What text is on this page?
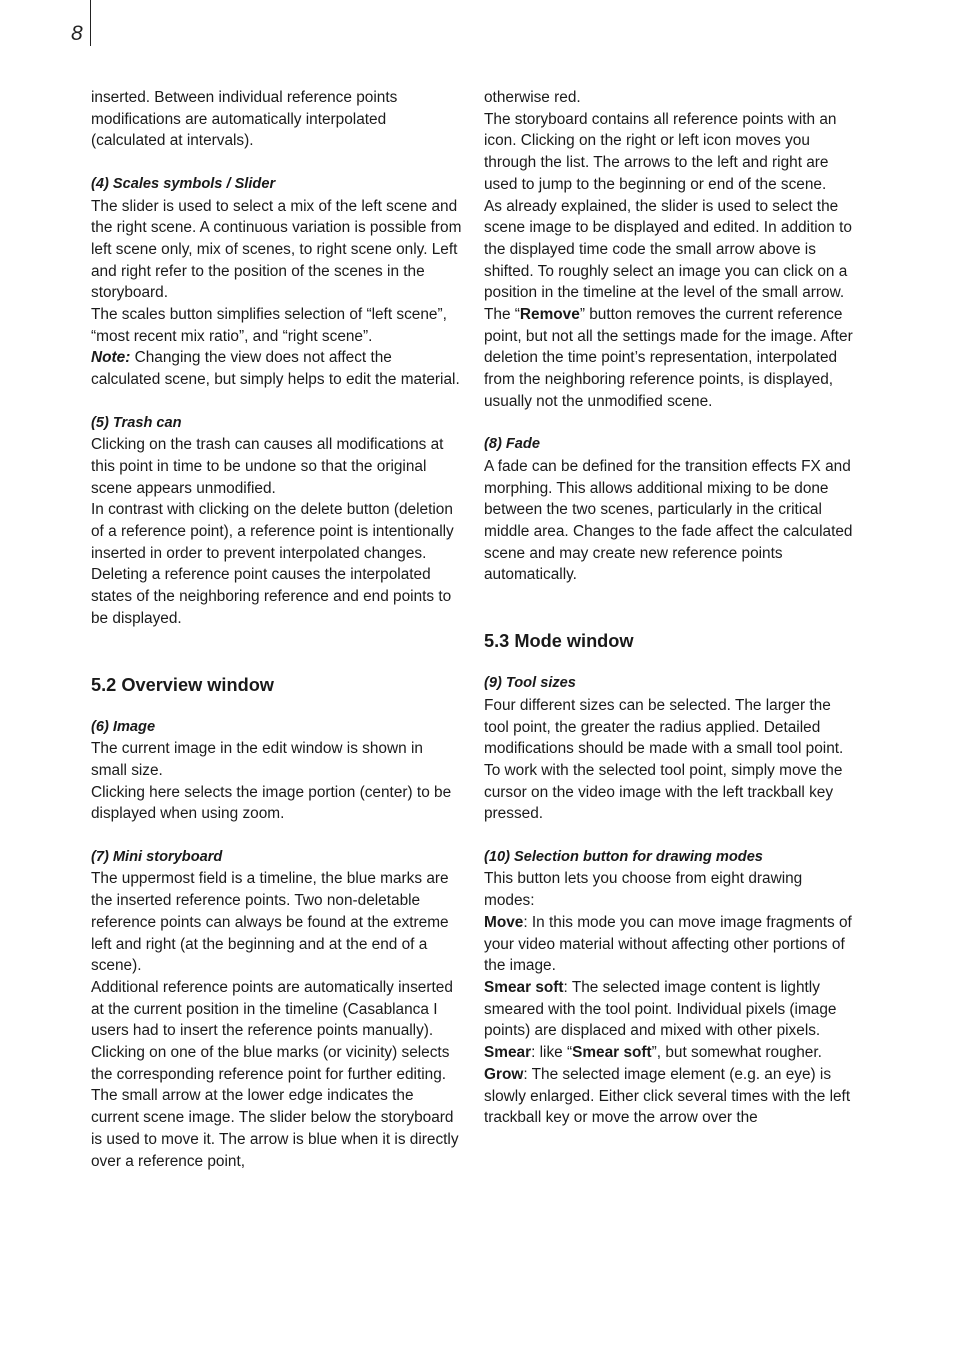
8

inserted. Between individual reference points modifications are automatically interpolated (calculated at intervals).

(4) Scales symbols / Slider

The slider is used to select a mix of the left scene and the right scene. A continuous variation is possible from left scene only, mix of scenes, to right scene only. Left and right refer to the position of the scenes in the storyboard.

The scales button simplifies selection of “left scene”, “most recent mix ratio”, and “right scene”.

Note: Changing the view does not affect the calculated scene, but simply helps to edit the material.

(5) Trash can

Clicking on the trash can causes all modifications at this point in time to be undone so that the original scene appears unmodified.

In contrast with clicking on the delete button (deletion of a reference point), a reference point is intentionally inserted in order to prevent interpolated changes. Deleting a reference point causes the interpolated states of the neighboring reference and end points to be displayed.

5.2 Overview window

(6) Image

The current image in the edit window is shown in small size.

Clicking here selects the image portion (center) to be displayed when using zoom.

(7) Mini storyboard

The uppermost field is a timeline, the blue marks are the inserted reference points. Two non-deletable reference points can always be found at the extreme left and right (at the beginning and at the end of a scene).

Additional reference points are automatically inserted at the current position in the timeline (Casablanca I users had to insert the reference points manually).

Clicking on one of the blue marks (or vicinity) selects the corresponding reference point for further editing.

The small arrow at the lower edge indicates the current scene image. The slider below the storyboard is used to move it. The arrow is blue when it is directly over a reference point,

otherwise red.

The storyboard contains all reference points with an icon. Clicking on the right or left icon moves you through the list. The arrows to the left and right are used to jump to the beginning or end of the scene.

As already explained, the slider is used to select the scene image to be displayed and edited. In addition to the displayed time code the small arrow above is shifted. To roughly select an image you can click on a position in the timeline at the level of the small arrow.

The “Remove” button removes the current reference point, but not all the settings made for the image. After deletion the time point’s representation, interpolated from the neighboring reference points, is displayed, usually not the unmodified scene.

(8) Fade

A fade can be defined for the transition effects FX and morphing. This allows additional mixing to be done between the two scenes, particularly in the critical middle area. Changes to the fade affect the calculated scene and may create new reference points automatically.

5.3 Mode window

(9) Tool sizes

Four different sizes can be selected. The larger the tool point, the greater the radius applied. Detailed modifications should be made with a small tool point.

To work with the selected tool point, simply move the cursor on the video image with the left trackball key pressed.

(10) Selection button for drawing modes

This button lets you choose from eight drawing modes:

Move: In this mode you can move image fragments of your video material without affecting other portions of the image.

Smear soft: The selected image content is lightly smeared with the tool point. Individual pixels (image points) are displaced and mixed with other pixels.

Smear: like “Smear soft”, but somewhat rougher.

Grow: The selected image element (e.g. an eye) is slowly enlarged. Either click several times with the left trackball key or move the arrow over the
